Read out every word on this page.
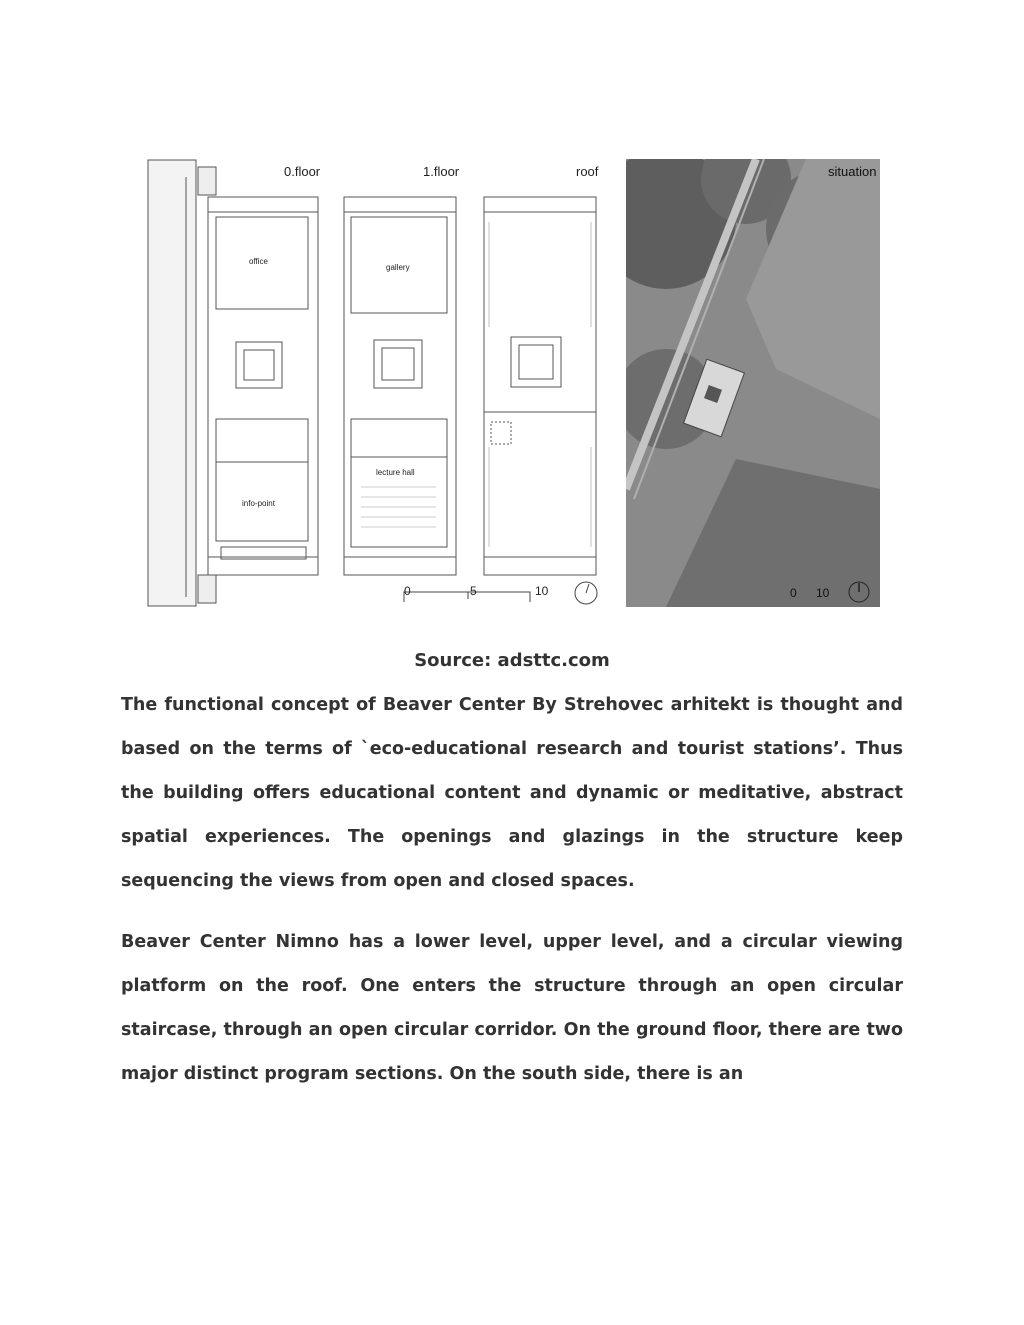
0.floor	1.floor	roof
office
gallery
lecture hall
info-point
0	5	10
situation
0 10
Source: adsttc.com

The functional concept of Beaver Center By Strehovec arhitekt is thought and based on the terms of `eco-educational research and tourist stations’. Thus the building offers educational content and dynamic or meditative, abstract spatial experiences. The openings and glazings in the structure keep sequencing the views from open and closed spaces.

Beaver Center Nimno has a lower level, upper level, and a circular viewing platform on the roof. One enters the structure through an open circular staircase, through an open circular corridor. On the ground floor, there are two major distinct program sections. On the south side, there is an
